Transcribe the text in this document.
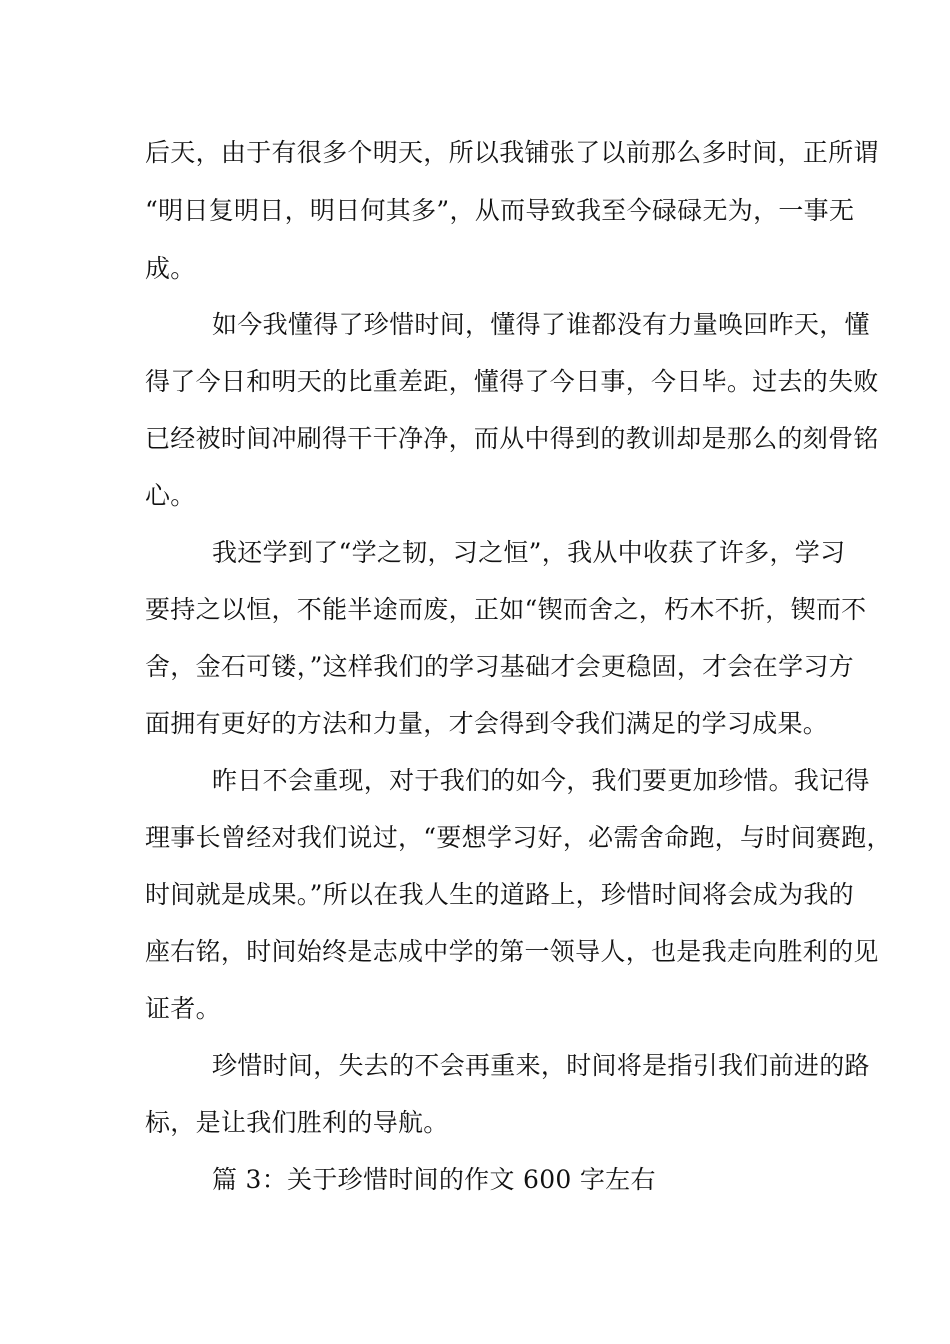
后天，由于有很多个明天，所以我铺张了以前那么多时间，正所谓
“明日复明日，明日何其多”，从而导致我至今碌碌无为，一事无
成。
如今我懂得了珍惜时间，懂得了谁都没有力量唤回昨天，懂
得了今日和明天的比重差距，懂得了今日事，今日毕。过去的失败
已经被时间冲刷得干干净净，而从中得到的教训却是那么的刻骨铭
心。
我还学到了“学之韧，习之恒”，我从中收获了许多，学习
要持之以恒，不能半途而废，正如“锲而舍之，朽木不折，锲而不
舍，金石可镂，”这样我们的学习基础才会更稳固，才会在学习方
面拥有更好的方法和力量，才会得到令我们满足的学习成果。
昨日不会重现，对于我们的如今，我们要更加珍惜。我记得
理事长曾经对我们说过，“要想学习好，必需舍命跑，与时间赛跑，
时间就是成果。”所以在我人生的道路上，珍惜时间将会成为我的
座右铭，时间始终是志成中学的第一领导人，也是我走向胜利的见
证者。
珍惜时间，失去的不会再重来，时间将是指引我们前进的路
标，是让我们胜利的导航。
篇 3：关于珍惜时间的作文 600 字左右
